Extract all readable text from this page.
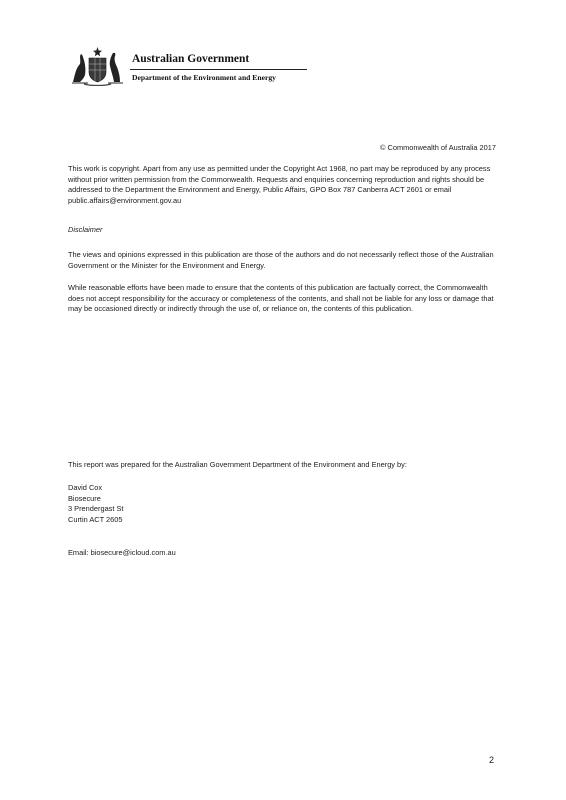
Australian Government
Department of the Environment and Energy
© Commonwealth of Australia 2017
This work is copyright. Apart from any use as permitted under the Copyright Act 1968, no part may be reproduced by any process without prior written permission from the Commonwealth. Requests and enquiries concerning reproduction and rights should be addressed to the Department the Environment and Energy, Public Affairs, GPO Box 787 Canberra ACT 2601 or email public.affairs@environment.gov.au
Disclaimer
The views and opinions expressed in this publication are those of the authors and do not necessarily reflect those of the Australian Government or the Minister for the Environment and Energy.
While reasonable efforts have been made to ensure that the contents of this publication are factually correct, the Commonwealth does not accept responsibility for the accuracy or completeness of the contents, and shall not be liable for any loss or damage that may be occasioned directly or indirectly through the use of, or reliance on, the contents of this publication.
This report was prepared for the Australian Government Department of the Environment and Energy by:
David Cox
Biosecure
3 Prendergast St
Curtin ACT 2605
Email: biosecure@icloud.com.au
2
